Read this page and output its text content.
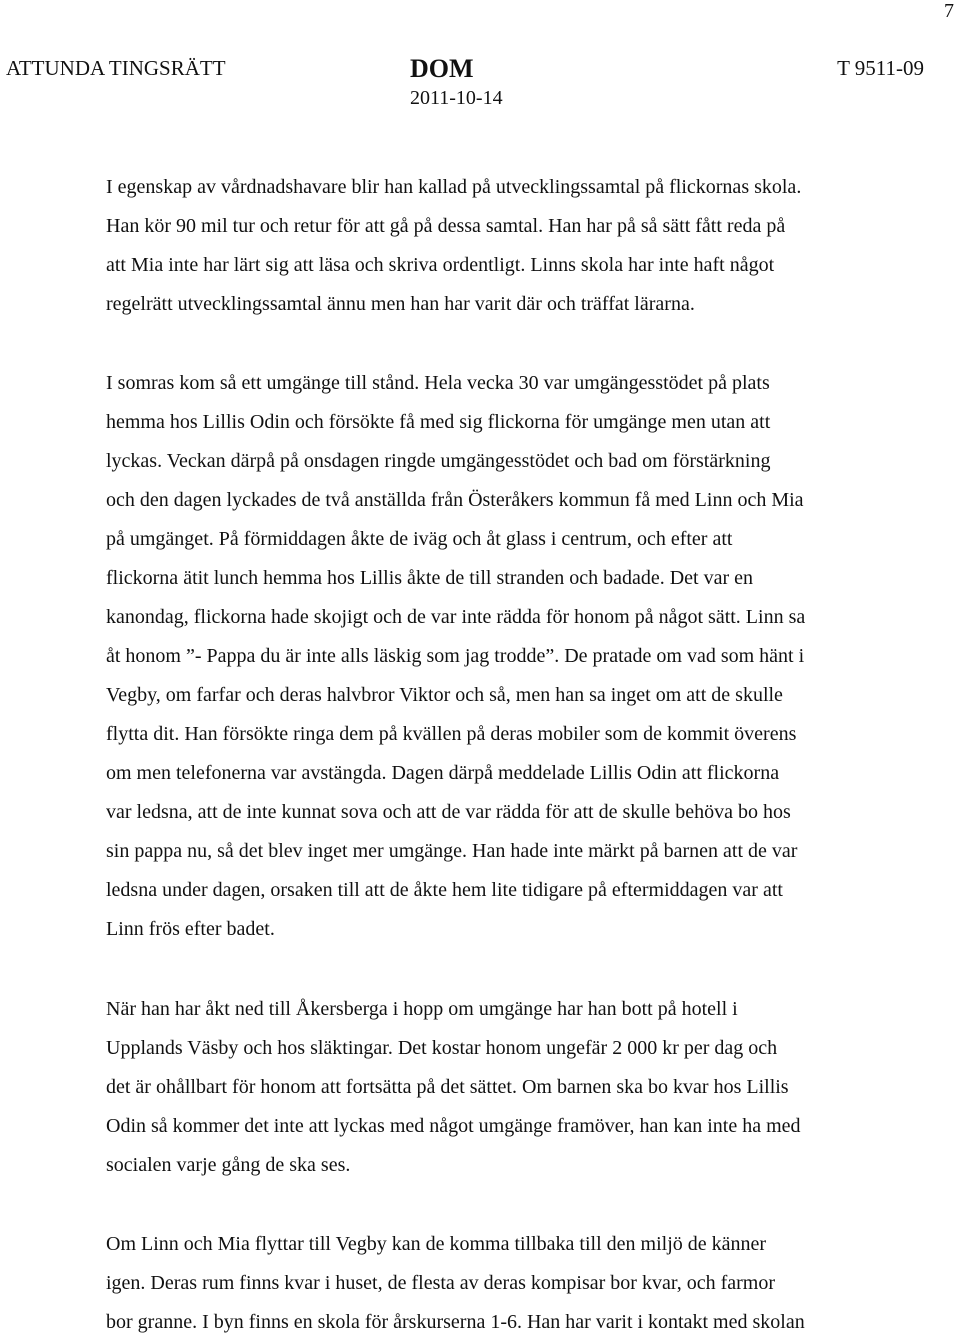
7
ATTUNDA TINGSRÄTT	DOM
2011-10-14
T 9511-09

I egenskap av vårdnadshavare blir han kallad på utvecklingssamtal på flickornas skola.
Han kör 90 mil tur och retur för att gå på dessa samtal. Han har på så sätt fått reda på
att Mia inte har lärt sig att läsa och skriva ordentligt. Linns skola har inte haft något
regelrätt utvecklingssamtal ännu men han har varit där och träffat lärarna.

I somras kom så ett umgänge till stånd. Hela vecka 30 var umgängesstödet på plats
hemma hos Lillis Odin och försökte få med sig flickorna för umgänge men utan att
lyckas. Veckan därpå på onsdagen ringde umgängesstödet och bad om förstärkning
och den dagen lyckades de två anställda från Österåkers kommun få med Linn och Mia
på umgänget. På förmiddagen åkte de iväg och åt glass i centrum, och efter att
flickorna ätit lunch hemma hos Lillis åkte de till stranden och badade. Det var en
kanondag, flickorna hade skojigt och de var inte rädda för honom på något sätt. Linn sa
åt honom ”- Pappa du är inte alls läskig som jag trodde”. De pratade om vad som hänt i
Vegby, om farfar och deras halvbror Viktor och så, men han sa inget om att de skulle
flytta dit. Han försökte ringa dem på kvällen på deras mobiler som de kommit överens
om men telefonerna var avstängda. Dagen därpå meddelade Lillis Odin att flickorna
var ledsna, att de inte kunnat sova och att de var rädda för att de skulle behöva bo hos
sin pappa nu, så det blev inget mer umgänge. Han hade inte märkt på barnen att de var
ledsna under dagen, orsaken till att de åkte hem lite tidigare på eftermiddagen var att
Linn frös efter badet.

När han har åkt ned till Åkersberga i hopp om umgänge har han bott på hotell i
Upplands Väsby och hos släktingar. Det kostar honom ungefär 2 000 kr per dag och
det är ohållbart för honom att fortsätta på det sättet. Om barnen ska bo kvar hos Lillis
Odin så kommer det inte att lyckas med något umgänge framöver, han kan inte ha med
socialen varje gång de ska ses.

Om Linn och Mia flyttar till Vegby kan de komma tillbaka till den miljö de känner
igen. Deras rum finns kvar i huset, de flesta av deras kompisar bor kvar, och farmor
bor granne. I byn finns en skola för årskurserna 1-6. Han har varit i kontakt med skolan
